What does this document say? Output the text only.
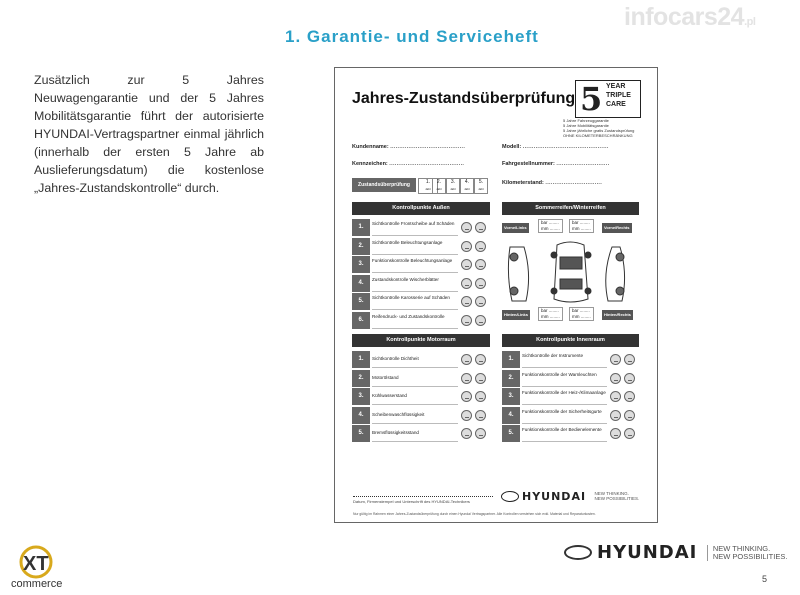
1. Garantie- und Serviceheft
infocars24.pl
Zusätzlich zur 5 Jahres Neuwagengarantie und der 5 Jahres Mobilitätsgarantie führt der autorisierte HYUNDAI-Vertragspartner einmal jährlich (innerhalb der ersten 5 Jahre ab Auslieferungsdatum) die kostenlose „Jahres-Zustandskontrolle“ durch.
Jahres-Zustandsüberprüfung 5 YEAR
TRIPLE
CARE
5 Jahre Fahrzeuggarantie
5 Jahre Mobilitätsgarantie
5 Jahre jährliche gratis Zustandsprüfung
OHNE KILOMETERBESCHRÄNKUNG
Kundenname: .........................................
Kennzeichen: .........................................
Modell: ...............................................
Fahrgestellnummer: .............................
Kilometerstand: ...............................
Zustandsüberprüfung	1.
Jahr
2.
Jahr
3.
Jahr
4.
Jahr
5.
Jahr
Kontrollpunkte Außen	Sommerreifen/Winterreifen
Kontrollpunkte Motorraum	Kontrollpunkte Innenraum
1.
Sichtkontrolle Frontscheibe auf Schäden
2.
Sichtkontrolle Beleuchtungsanlage
3.
Funktionskontrolle Beleuchtungsanlage
4.
Zustandskontrolle Wischerblätter
5.
Sichtkontrolle Karosserie auf Schäden
6.
Reifendruck- und Zustandskontrolle
1.	Sichtkontrolle Dichtheit
2.	Motorölstand
3.	Kühlwasserstand
4.	Scheibenwaschflüssigkeit
5.	Bremsflüssigkeitsstand
1.
Sichtkontrolle der Instrumente
2.
Funktionskontrolle der Warnleuchten
3.
Funktionskontrolle der Heiz-/Klimaanlage
4.
Funktionskontrolle der Sicherheitsgurte
5.
Funktionskontrolle der Bedienelemente
Vorne/Links	Vorne/Rechts
Hinten/Links	Hinten/Rechts
bar ........
mm ........
bar ........
mm ........
bar ........
mm ........
bar ........
mm ........
Datum, Firmenstempel und Unterschrift des HYUNDAI-Technikers	HYUNDAI NEW THINKING.
NEW POSSIBILITIES.
Nur gültig im Rahmen einer Jahres-Zustandsüberprüfung durch einen Hyundai Vertragspartner. Alle Kontrollen verstehen sich exkl. Material und Reparaturkosten.
XT
commerce
HYUNDAI NEW THINKING.
NEW POSSIBILITIES.
5
